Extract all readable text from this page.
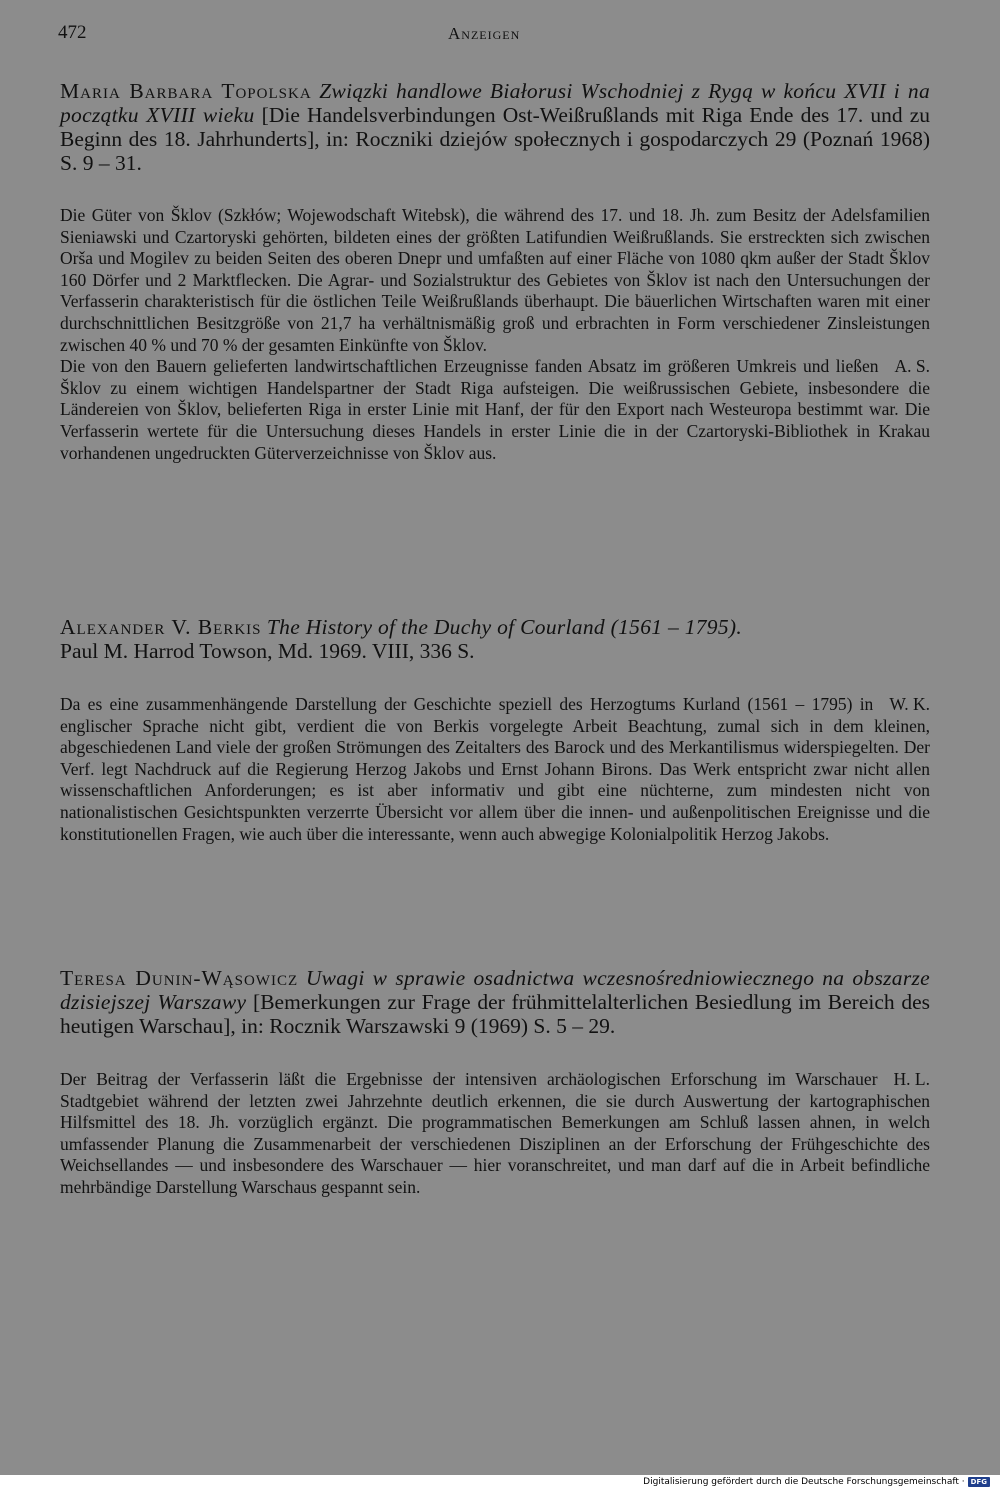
472	Anzeigen

Maria Barbara Topolska Związki handlowe Białorusi Wschodniej z Rygą w końcu XVII i na początku XVIII wieku [Die Handelsverbindungen Ost-Weißrußlands mit Riga Ende des 17. und zu Beginn des 18. Jahrhunderts], in: Roczniki dziejów społecznych i gospodarczych 29 (Poznań 1968) S. 9 – 31.

Die Güter von Šklov (Szkłów; Wojewodschaft Witebsk), die während des 17. und 18. Jh. zum Besitz der Adelsfamilien Sieniawski und Czartoryski gehörten, bildeten eines der größten Latifundien Weißrußlands. Sie erstreckten sich zwischen Orša und Mogilev zu beiden Seiten des oberen Dnepr und umfaßten auf einer Fläche von 1080 qkm außer der Stadt Šklov 160 Dörfer und 2 Marktflecken. Die Agrar- und Sozialstruktur des Gebietes von Šklov ist nach den Untersuchungen der Verfasserin charakteristisch für die östlichen Teile Weißrußlands überhaupt. Die bäuerlichen Wirtschaften waren mit einer durchschnittlichen Besitzgröße von 21,7 ha verhältnismäßig groß und erbrachten in Form verschiedener Zinsleistungen zwischen 40 % und 70 % der gesamten Einkünfte von Šklov.
A. S.
Die von den Bauern gelieferten landwirtschaftlichen Erzeugnisse fanden Absatz im größeren Umkreis und ließen Šklov zu einem wichtigen Handelspartner der Stadt Riga aufsteigen. Die weißrussischen Gebiete, insbesondere die Ländereien von Šklov, belieferten Riga in erster Linie mit Hanf, der für den Export nach Westeuropa bestimmt war. Die Verfasserin wertete für die Untersuchung dieses Handels in erster Linie die in der Czartoryski-Bibliothek in Krakau vorhandenen ungedruckten Güterverzeichnisse von Šklov aus.

Alexander V. Berkis The History of the Duchy of Courland (1561 – 1795).
Paul M. Harrod Towson, Md. 1969. VIII, 336 S.

W. K.
Da es eine zusammenhängende Darstellung der Geschichte speziell des Herzogtums Kurland (1561 – 1795) in englischer Sprache nicht gibt, verdient die von Berkis vorgelegte Arbeit Beachtung, zumal sich in dem kleinen, abgeschiedenen Land viele der großen Strömungen des Zeitalters des Barock und des Merkantilismus widerspiegelten. Der Verf. legt Nachdruck auf die Regierung Herzog Jakobs und Ernst Johann Birons. Das Werk entspricht zwar nicht allen wissenschaftlichen Anforderungen; es ist aber informativ und gibt eine nüchterne, zum mindesten nicht von nationalistischen Gesichtspunkten verzerrte Übersicht vor allem über die innen- und außenpolitischen Ereignisse und die konstitutionellen Fragen, wie auch über die interessante, wenn auch abwegige Kolonialpolitik Herzog Jakobs.

Teresa Dunin-Wąsowicz Uwagi w sprawie osadnictwa wczesnośredniowiecznego na obszarze dzisiejszej Warszawy [Bemerkungen zur Frage der frühmittelalterlichen Besiedlung im Bereich des heutigen Warschau], in: Rocznik Warszawski 9 (1969) S. 5 – 29.

H. L.
Der Beitrag der Verfasserin läßt die Ergebnisse der intensiven archäologischen Erforschung im Warschauer Stadtgebiet während der letzten zwei Jahrzehnte deutlich erkennen, die sie durch Auswertung der kartographischen Hilfsmittel des 18. Jh. vorzüglich ergänzt. Die programmatischen Bemerkungen am Schluß lassen ahnen, in welch umfassender Planung die Zusammenarbeit der verschiedenen Disziplinen an der Erforschung der Frühgeschichte des Weichsellandes — und insbesondere des Warschauer — hier voranschreitet, und man darf auf die in Arbeit befindliche mehrbändige Darstellung Warschaus gespannt sein.

Digitalisierung gefördert durch die Deutsche Forschungsgemeinschaft · DFG
